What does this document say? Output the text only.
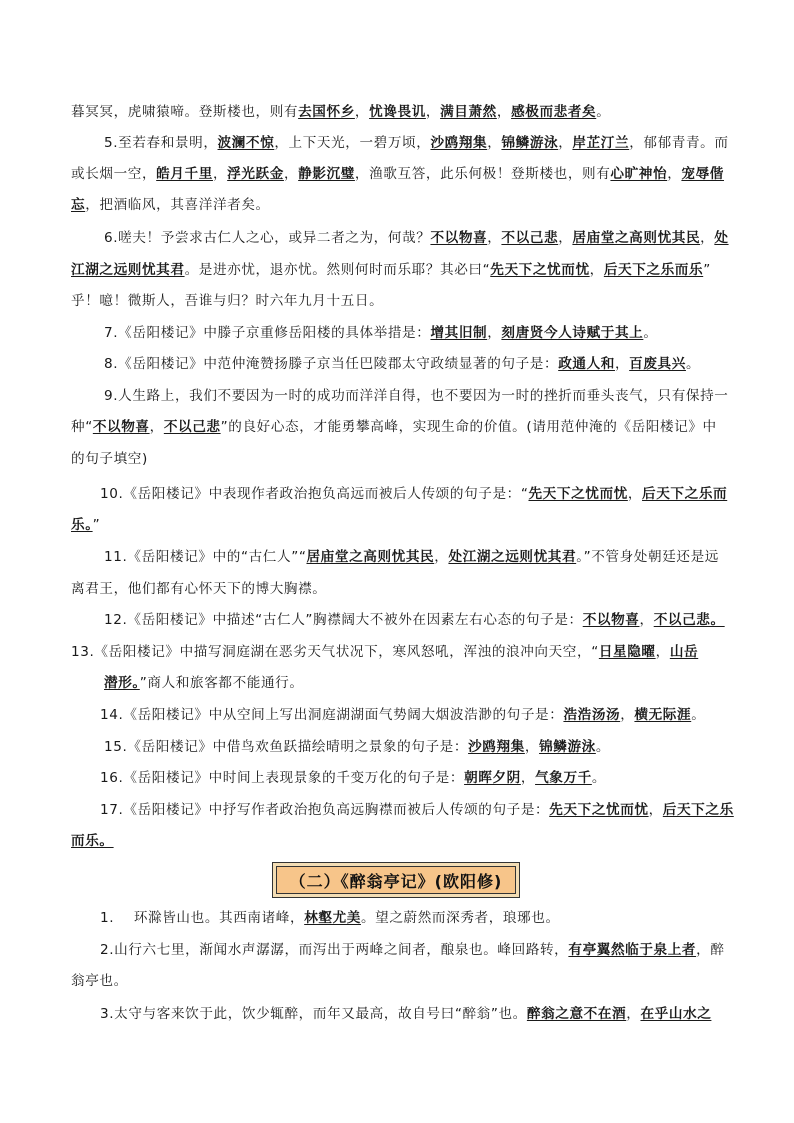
暮冥冥，虎啸猿啼。登斯楼也，则有去国怀乡，忧谗畏讥，满目萧然，感极而悲者矣。
5.至若春和景明，波澜不惊，上下天光，一碧万顷，沙鸥翔集，锦鳞游泳，岸芷汀兰，郁郁青青。而
或长烟一空，皓月千里，浮光跃金，静影沉璧，渔歌互答，此乐何极！登斯楼也，则有心旷神怡，宠辱偕
忘，把酒临风，其喜洋洋者矣。
6.嗟夫！予尝求古仁人之心，或异二者之为，何哉？不以物喜，不以己悲，居庙堂之高则忧其民，处
江湖之远则忧其君。是进亦忧，退亦忧。然则何时而乐耶？其必曰“先天下之忧而忧，后天下之乐而乐”
乎！噫！微斯人，吾谁与归？时六年九月十五日。
7.《岳阳楼记》中滕子京重修岳阳楼的具体举措是：增其旧制，刻唐贤今人诗赋于其上。
8.《岳阳楼记》中范仲淹赞扬滕子京当任巴陵郡太守政绩显著的句子是：政通人和，百废具兴。
9.人生路上，我们不要因为一时的成功而洋洋自得，也不要因为一时的挫折而垂头丧气，只有保持一
种“不以物喜，不以己悲”的良好心态，才能勇攀高峰，实现生命的价值。(请用范仲淹的《岳阳楼记》中
的句子填空)
10.《岳阳楼记》中表现作者政治抱负高远而被后人传颂的句子是：“先天下之忧而忧，后天下之乐而
乐。”
11.《岳阳楼记》中的“古仁人”“居庙堂之高则忧其民，处江湖之远则忧其君。”不管身处朝廷还是远
离君王，他们都有心怀天下的博大胸襟。
12.《岳阳楼记》中描述“古仁人”胸襟阔大不被外在因素左右心态的句子是：不以物喜，不以己悲。
13.《岳阳楼记》中描写洞庭湖在恶劣天气状况下，寒风怒吼，浑浊的浪冲向天空，“日星隐曜，山岳
潜形。”商人和旅客都不能通行。
14.《岳阳楼记》中从空间上写出洞庭湖湖面气势阔大烟波浩渺的句子是：浩浩汤汤，横无际涯。
15.《岳阳楼记》中借鸟欢鱼跃描绘晴明之景象的句子是：沙鸥翔集，锦鳞游泳。
16.《岳阳楼记》中时间上表现景象的千变万化的句子是：朝晖夕阴，气象万千。
17.《岳阳楼记》中抒写作者政治抱负高远胸襟而被后人传颂的句子是：先天下之忧而忧，后天下之乐
而乐。
1.    环滁皆山也。其西南诸峰，林壑尤美。望之蔚然而深秀者，琅琊也。
2.山行六七里，渐闻水声潺潺，而泻出于两峰之间者，酿泉也。峰回路转，有亭翼然临于泉上者，醉
翁亭也。
3.太守与客来饮于此，饮少辄醉，而年又最高，故自号曰“醉翁”也。醉翁之意不在酒，在乎山水之
（二）《醉翁亭记》(欧阳修)
